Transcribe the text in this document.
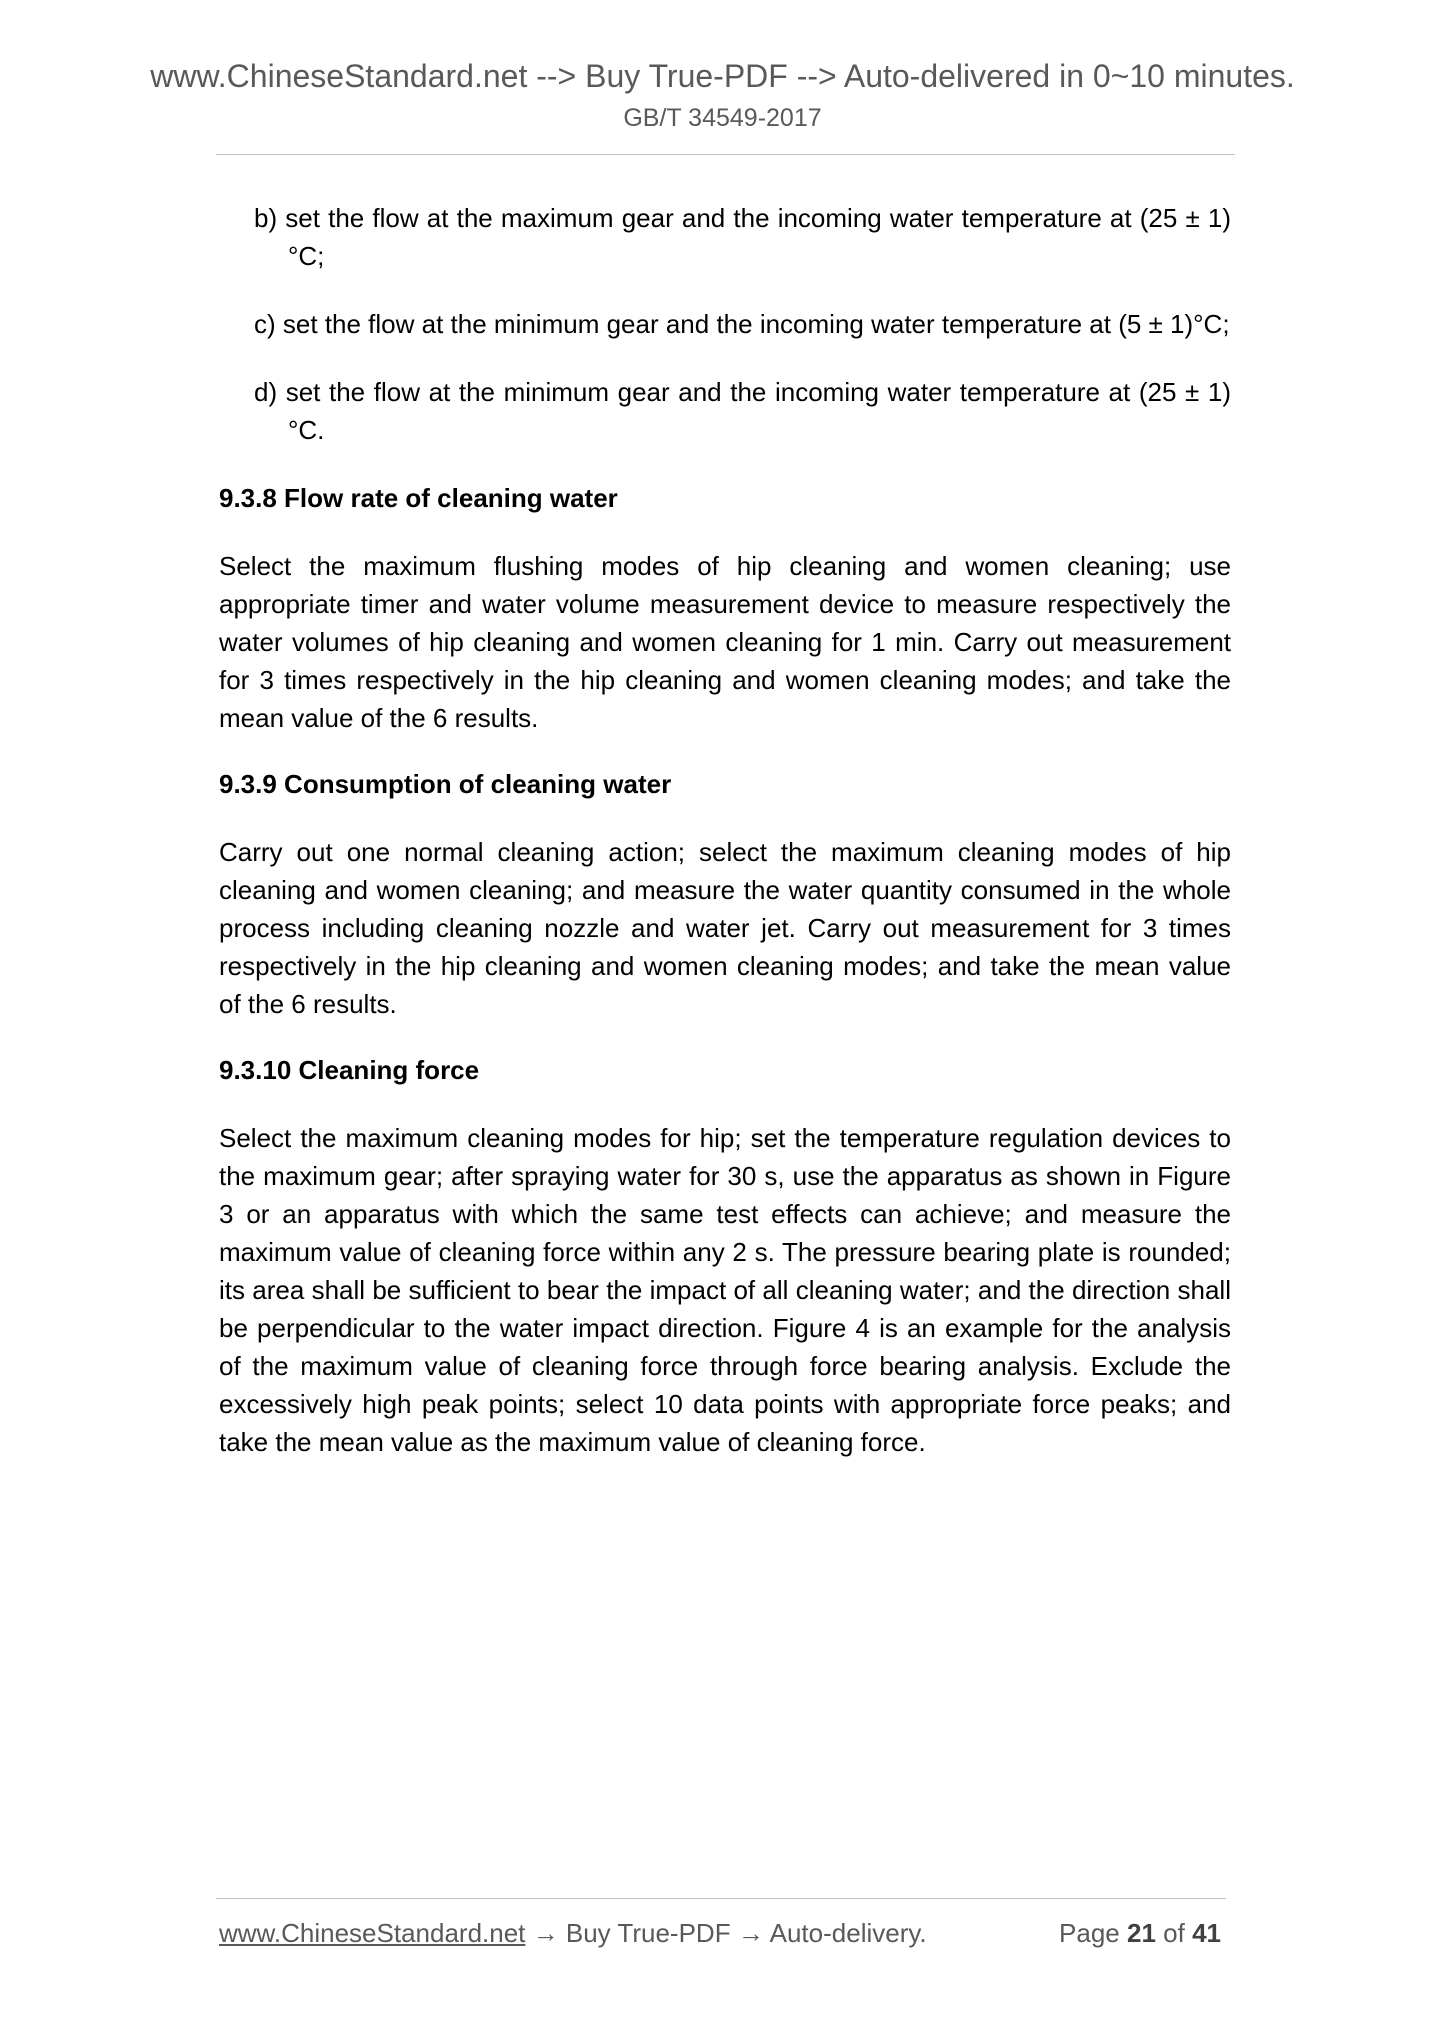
www.ChineseStandard.net --> Buy True-PDF --> Auto-delivered in 0~10 minutes.
GB/T 34549-2017
b) set the flow at the maximum gear and the incoming water temperature at (25 ± 1)°C;
c) set the flow at the minimum gear and the incoming water temperature at (5 ± 1)°C;
d) set the flow at the minimum gear and the incoming water temperature at (25 ± 1)°C.
9.3.8 Flow rate of cleaning water
Select the maximum flushing modes of hip cleaning and women cleaning; use appropriate timer and water volume measurement device to measure respectively the water volumes of hip cleaning and women cleaning for 1 min. Carry out measurement for 3 times respectively in the hip cleaning and women cleaning modes; and take the mean value of the 6 results.
9.3.9 Consumption of cleaning water
Carry out one normal cleaning action; select the maximum cleaning modes of hip cleaning and women cleaning; and measure the water quantity consumed in the whole process including cleaning nozzle and water jet. Carry out measurement for 3 times respectively in the hip cleaning and women cleaning modes; and take the mean value of the 6 results.
9.3.10 Cleaning force
Select the maximum cleaning modes for hip; set the temperature regulation devices to the maximum gear; after spraying water for 30 s, use the apparatus as shown in Figure 3 or an apparatus with which the same test effects can achieve; and measure the maximum value of cleaning force within any 2 s. The pressure bearing plate is rounded; its area shall be sufficient to bear the impact of all cleaning water; and the direction shall be perpendicular to the water impact direction. Figure 4 is an example for the analysis of the maximum value of cleaning force through force bearing analysis. Exclude the excessively high peak points; select 10 data points with appropriate force peaks; and take the mean value as the maximum value of cleaning force.
www.ChineseStandard.net → Buy True-PDF → Auto-delivery.	Page 21 of 41
